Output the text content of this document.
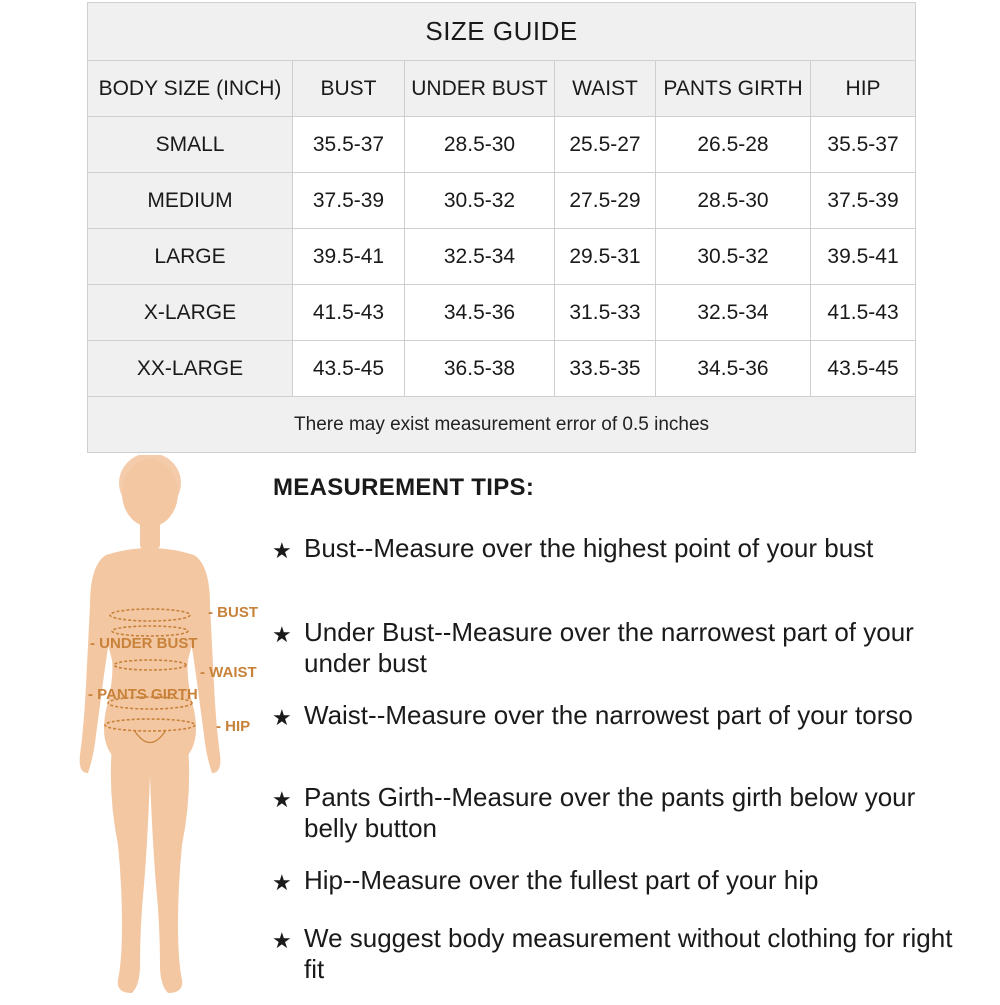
SIZE GUIDE					
BODY SIZE (INCH)	BUST	UNDER BUST	WAIST	PANTS GIRTH	HIP
SMALL	35.5-37	28.5-30	25.5-27	26.5-28	35.5-37
MEDIUM	37.5-39	30.5-32	27.5-29	28.5-30	37.5-39
LARGE	39.5-41	32.5-34	29.5-31	30.5-32	39.5-41
X-LARGE	41.5-43	34.5-36	31.5-33	32.5-34	41.5-43
XX-LARGE	43.5-45	36.5-38	33.5-35	34.5-36	43.5-45
There may exist measurement error of 0.5 inches					
- BUST
- UNDER BUST
- WAIST
- PANTS GIRTH
- HIP
MEASUREMENT TIPS:
★ Bust--Measure over the highest point of your bust
★ Under Bust--Measure over the narrowest part of your under bust
★ Waist--Measure over the narrowest part of your torso
★ Pants Girth--Measure over the pants girth below your belly button
★ Hip--Measure over the fullest part of your hip
★ We suggest body measurement without clothing for right fit
